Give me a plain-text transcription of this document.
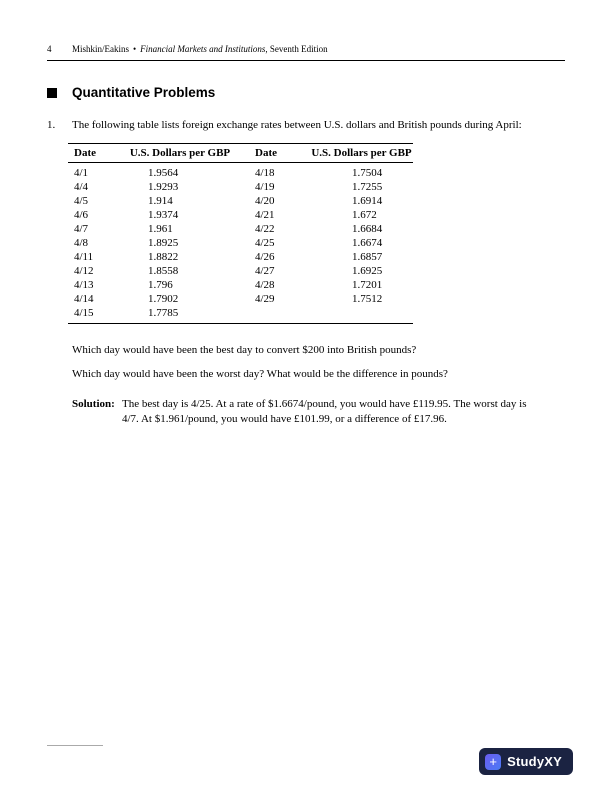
4	Mishkin/Eakins • Financial Markets and Institutions , Seventh Edition
Quantitative Problems
1.	The following table lists foreign exchange rates between U.S. dollars and British pounds during April:
Date	U.S. Dollars per GBP	Date	U.S. Dollars per GBP
4/1	1.9564	4/18	1.7504
4/4	1.9293	4/19	1.7255
4/5	1.914	4/20	1.6914
4/6	1.9374	4/21	1.672
4/7	1.961	4/22	1.6684
4/8	1.8925	4/25	1.6674
4/11	1.8822	4/26	1.6857
4/12	1.8558	4/27	1.6925
4/13	1.796	4/28	1.7201
4/14	1.7902	4/29	1.7512
4/15	1.7785		
Which day would have been the best day to convert $200 into British pounds?
Which day would have been the worst day? What would be the difference in pounds?
Solution: The best day is 4/25. At a rate of $1.6674/pound, you would have £119.95. The worst day is 4/7. At $1.961/pound, you would have £101.99, or a difference of £17.96.
+ StudyXY
